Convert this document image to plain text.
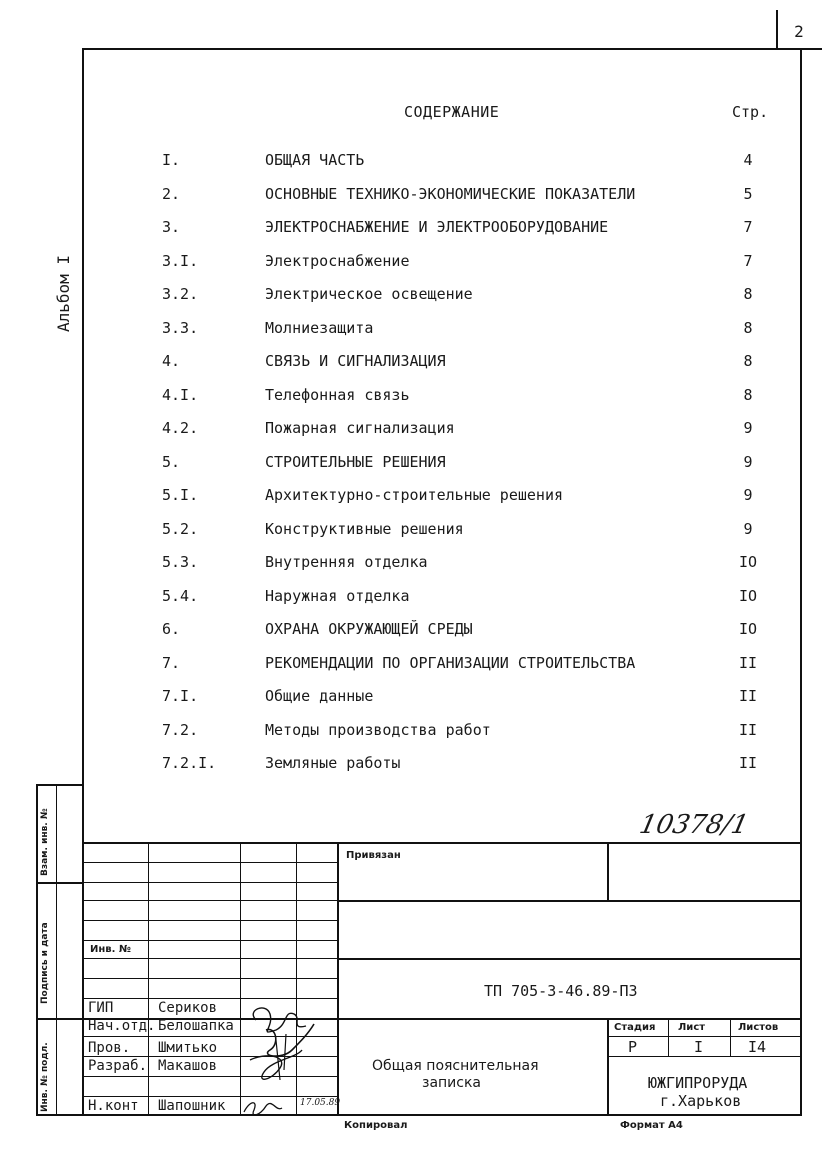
2
Альбом I
СОДЕРЖАНИЕ	Стр.
I.	ОБЩАЯ ЧАСТЬ	4
2.	ОСНОВНЫЕ ТЕХНИКО-ЭКОНОМИЧЕСКИЕ ПОКАЗАТЕЛИ	5
3.	ЭЛЕКТРОСНАБЖЕНИЕ И ЭЛЕКТРООБОРУДОВАНИЕ	7
3.I.	Электроснабжение	7
3.2.	Электрическое освещение	8
3.3.	Молниезащита	8
4.	СВЯЗЬ И СИГНАЛИЗАЦИЯ	8
4.I.	Телефонная связь	8
4.2.	Пожарная сигнализация	9
5.	СТРОИТЕЛЬНЫЕ РЕШЕНИЯ	9
5.I.	Архитектурно-строительные решения	9
5.2.	Конструктивные решения	9
5.3.	Внутренняя отделка	IO
5.4.	Наружная отделка	IO
6.	ОХРАНА ОКРУЖАЮЩЕЙ СРЕДЫ	IO
7.	РЕКОМЕНДАЦИИ ПО ОРГАНИЗАЦИИ СТРОИТЕЛЬСТВА	II
7.I.	Общие данные	II
7.2.	Методы производства работ	II
7.2.I.	Земляные работы	II
10378/1
Взам. инв. №
Подпись и дата
Инв. № подл.
Привязан
Инв. №
ТП 705-3-46.89-ПЗ
Стадия Лист	Листов
Р	I	I4
Общая пояснительная
записка	ЮЖГИПРОРУДА
г.Харьков
ГИП	Сериков
Нач.отд. Белошапка
Пров. Шмитько
Разраб. Макашов
Н.конт Шапошник	17.05.89
Копировал	Формат А4
